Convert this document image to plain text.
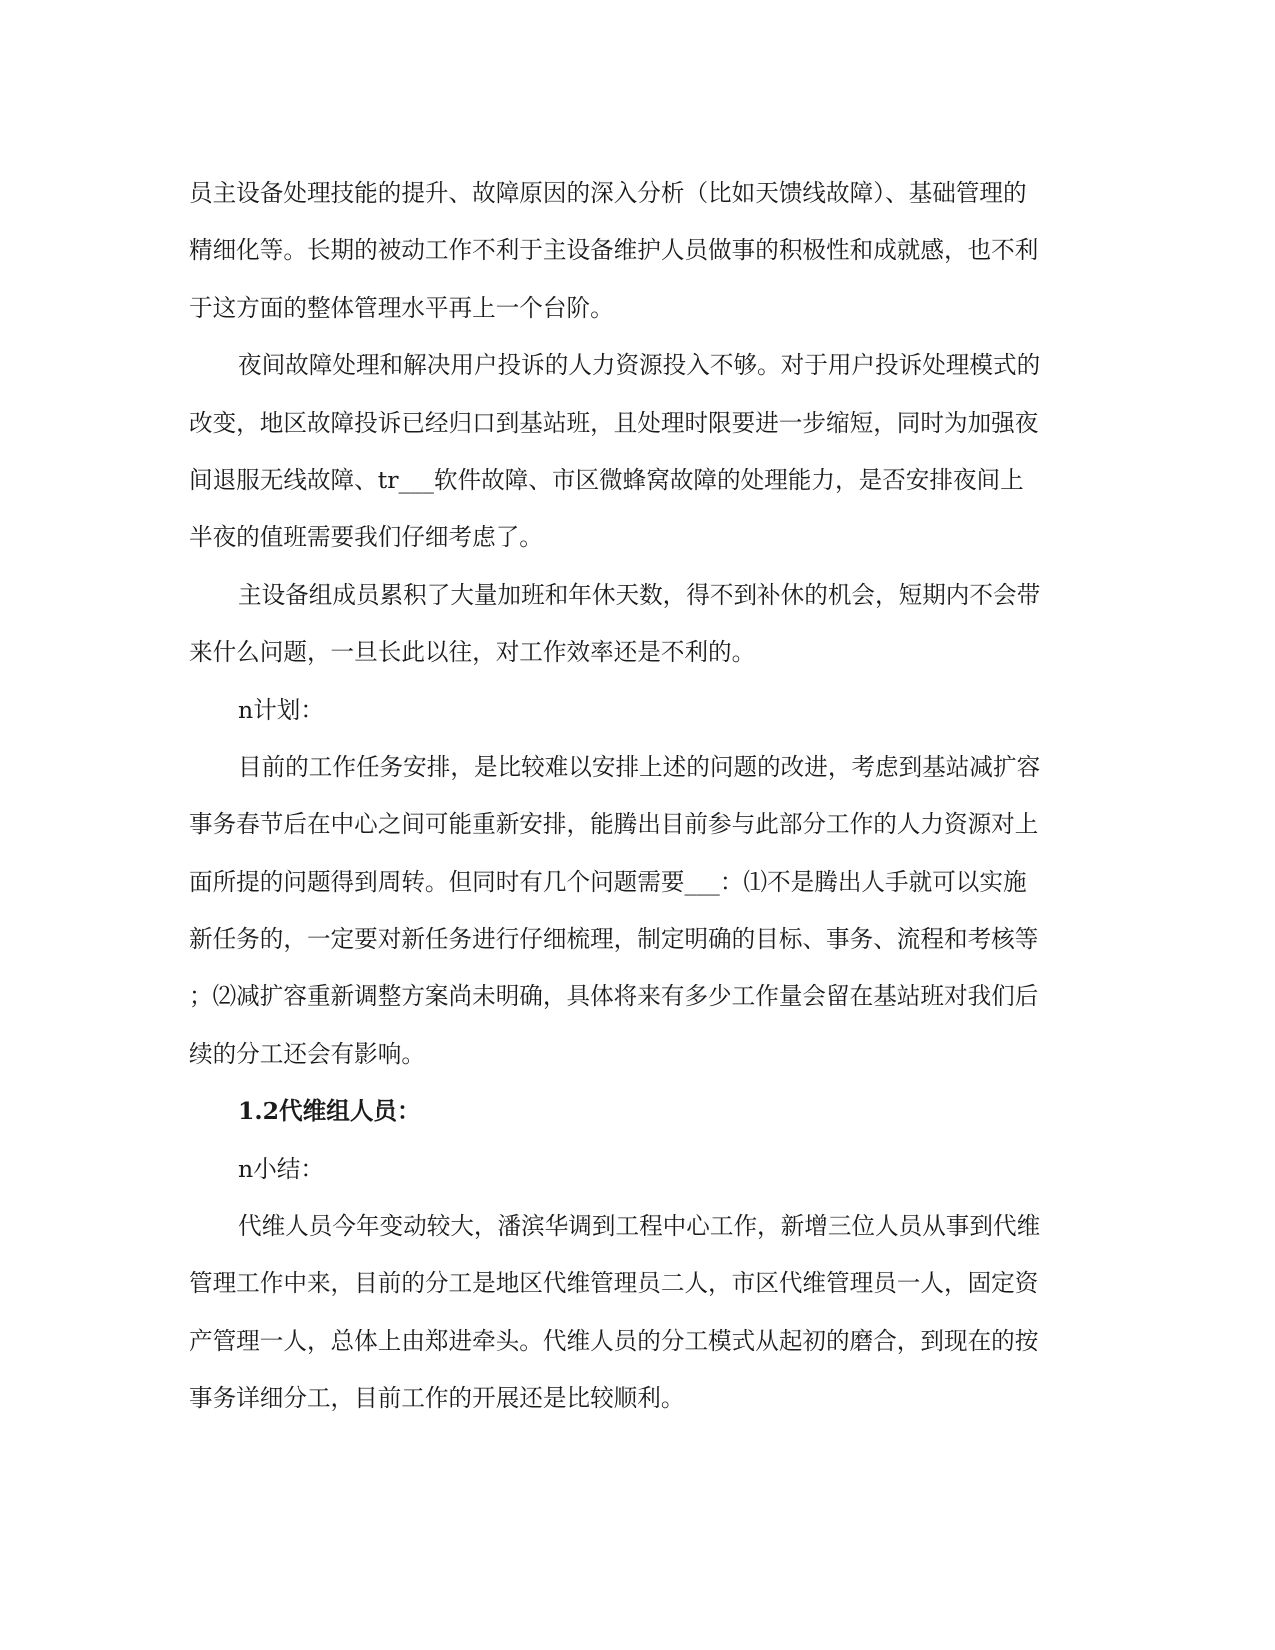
员主设备处理技能的提升、故障原因的深入分析（比如天馈线故障）、基础管理的
精细化等。长期的被动工作不利于主设备维护人员做事的积极性和成就感，也不利
于这方面的整体管理水平再上一个台阶。
夜间故障处理和解决用户投诉的人力资源投入不够。对于用户投诉处理模式的
改变，地区故障投诉已经归口到基站班，且处理时限要进一步缩短，同时为加强夜
间退服无线故障、tr___软件故障、市区微蜂窝故障的处理能力，是否安排夜间上
半夜的值班需要我们仔细考虑了。
主设备组成员累积了大量加班和年休天数，得不到补休的机会，短期内不会带
来什么问题，一旦长此以往，对工作效率还是不利的。
n计划：
目前的工作任务安排，是比较难以安排上述的问题的改进，考虑到基站减扩容
事务春节后在中心之间可能重新安排，能腾出目前参与此部分工作的人力资源对上
面所提的问题得到周转。但同时有几个问题需要___：⑴不是腾出人手就可以实施
新任务的，一定要对新任务进行仔细梳理，制定明确的目标、事务、流程和考核等
；⑵减扩容重新调整方案尚未明确，具体将来有多少工作量会留在基站班对我们后
续的分工还会有影响。
1.2代维组人员：
n小结：
代维人员今年变动较大，潘滨华调到工程中心工作，新增三位人员从事到代维
管理工作中来，目前的分工是地区代维管理员二人，市区代维管理员一人，固定资
产管理一人，总体上由郑进牵头。代维人员的分工模式从起初的磨合，到现在的按
事务详细分工，目前工作的开展还是比较顺利。
